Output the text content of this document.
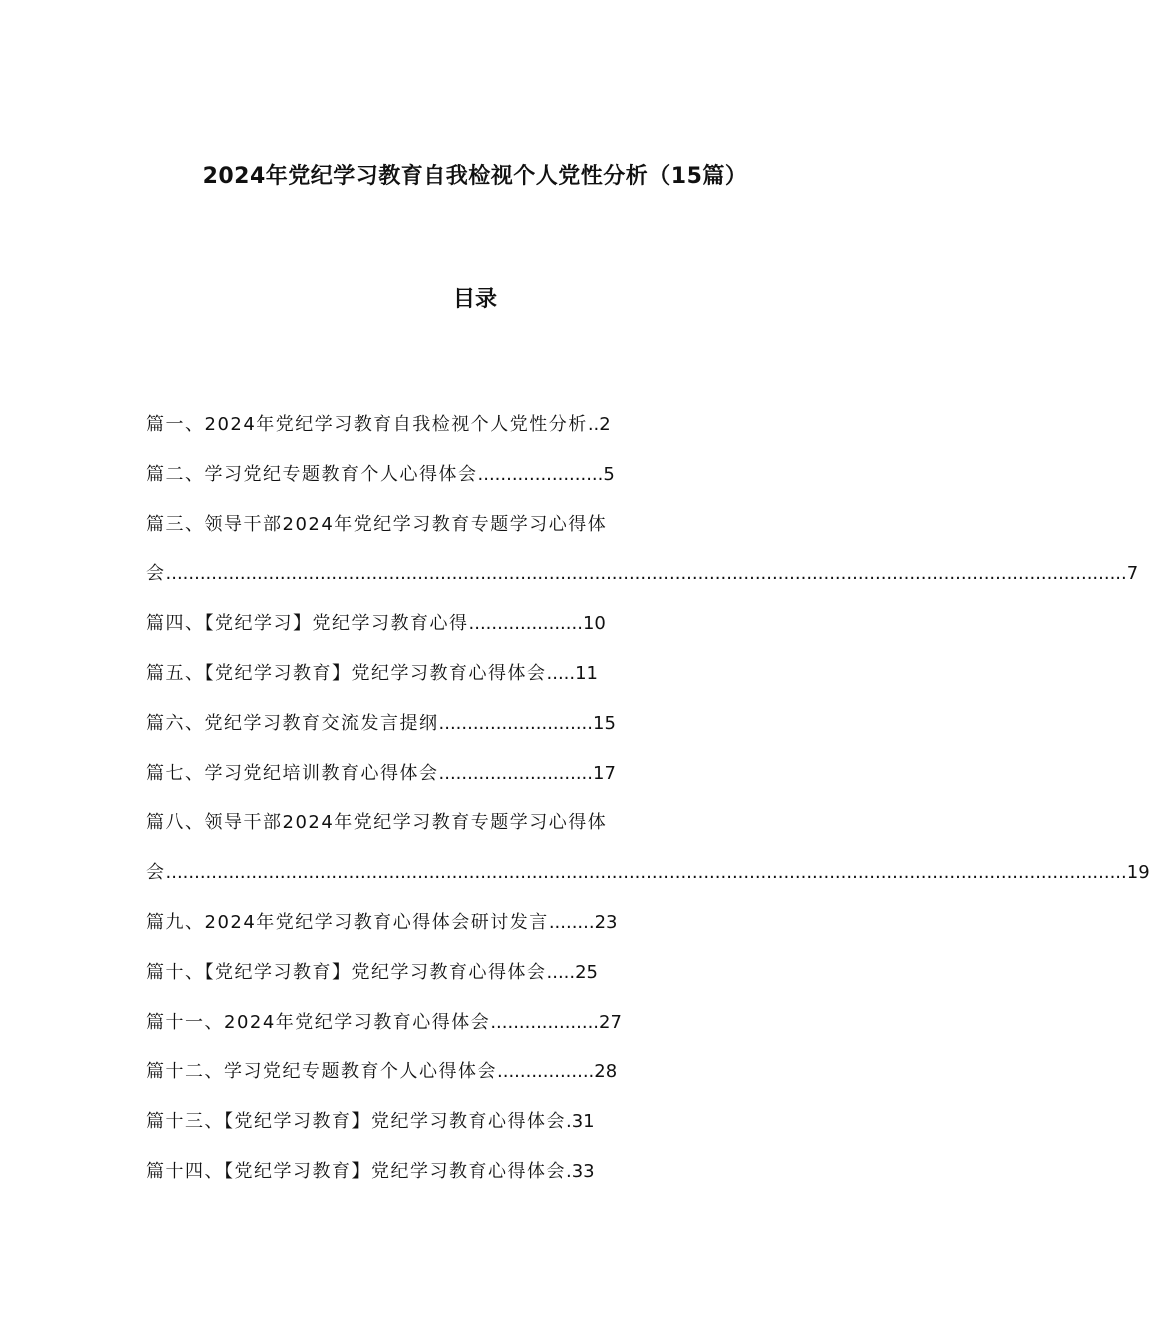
2024年党纪学习教育自我检视个人党性分析（15篇）
目录
篇一、2024年党纪学习教育自我检视个人党性分析 .. 2
篇二、学习党纪专题教育个人心得体会 ...................... 5
篇三、领导干部2024年党纪学习教育专题学习心得体
会 ........................................................................................................................................................................ 7
篇四、【党纪学习】党纪学习教育心得 .................... 10
篇五、【党纪学习教育】党纪学习教育心得体会 ..... 11
篇六、党纪学习教育交流发言提纲 ........................... 15
篇七、学习党纪培训教育心得体会 ........................... 17
篇八、领导干部2024年党纪学习教育专题学习心得体
会 ........................................................................................................................................................................ 19
篇九、2024年党纪学习教育心得体会研讨发言 ........ 23
篇十、【党纪学习教育】党纪学习教育心得体会 ..... 25
篇十一、2024年党纪学习教育心得体会 ................... 27
篇十二、学习党纪专题教育个人心得体会 ................. 28
篇十三、【党纪学习教育】党纪学习教育心得体会 . 31
篇十四、【党纪学习教育】党纪学习教育心得体会 . 33
